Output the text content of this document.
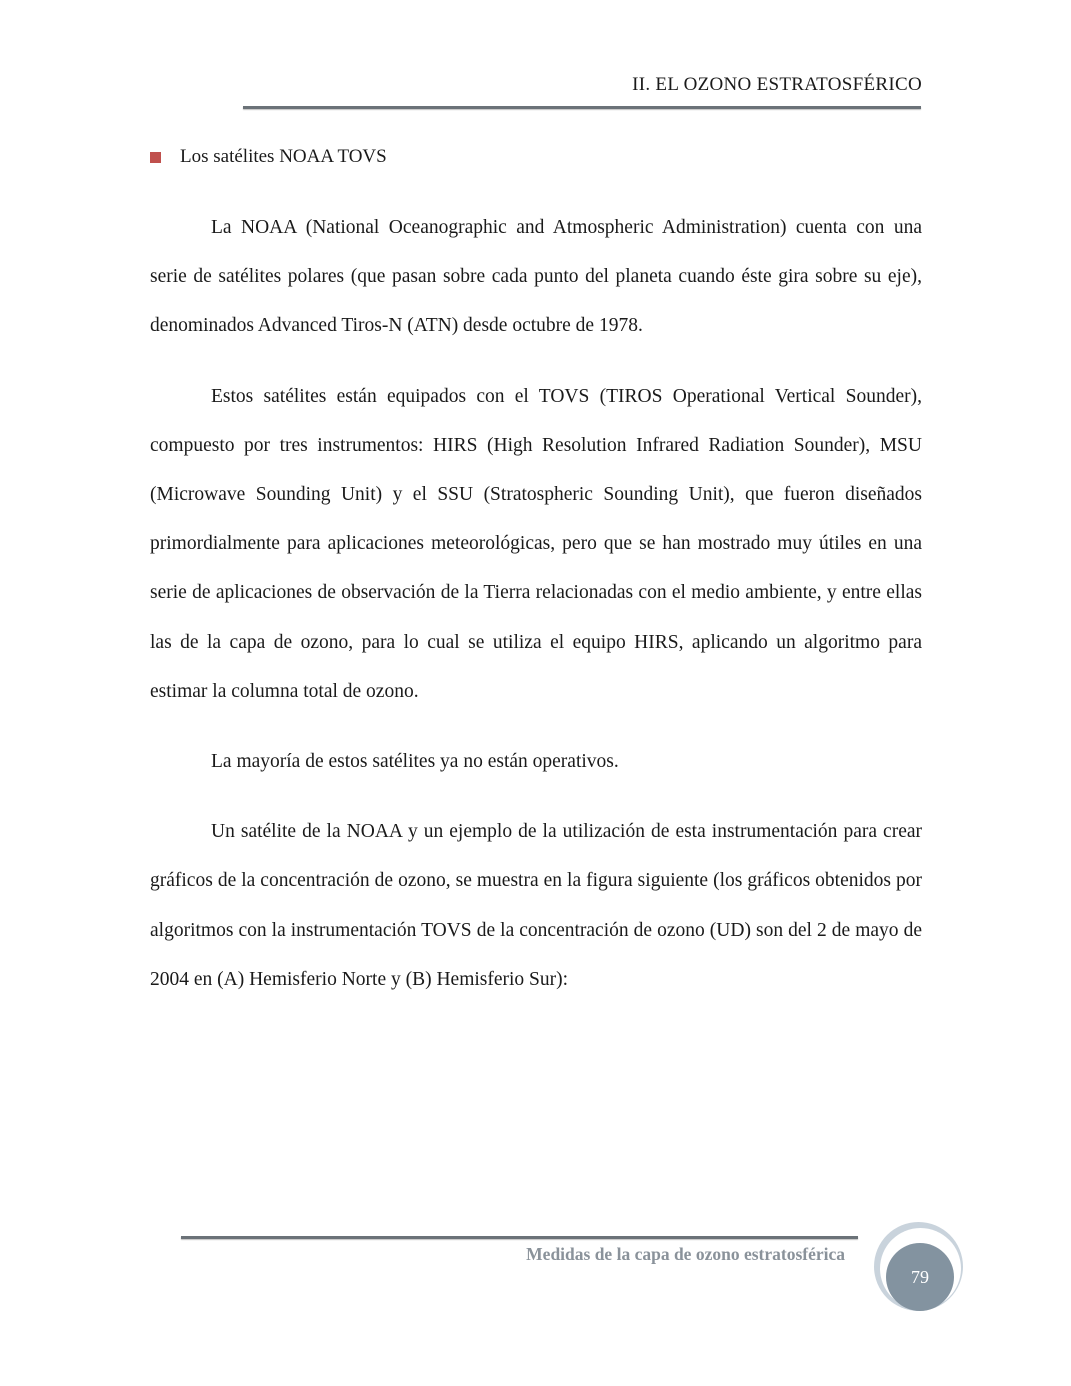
II. EL OZONO ESTRATOSFÉRICO
Los satélites NOAA TOVS

La NOAA (National Oceanographic and Atmospheric Administration) cuenta con una serie de satélites polares (que pasan sobre cada punto del planeta cuando éste gira sobre su eje), denominados Advanced Tiros-N (ATN) desde octubre de 1978.

Estos satélites están equipados con el TOVS (TIROS Operational Vertical Sounder), compuesto por tres instrumentos: HIRS (High Resolution Infrared Radiation Sounder), MSU (Microwave Sounding Unit) y el SSU (Stratospheric Sounding Unit), que fueron diseñados primordialmente para aplicaciones meteorológicas, pero que se han mostrado muy útiles en una serie de aplicaciones de observación de la Tierra relacionadas con el medio ambiente, y entre ellas las de la capa de ozono, para lo cual se utiliza el equipo HIRS, aplicando un algoritmo para estimar la columna total de ozono.

La mayoría de estos satélites ya no están operativos.

Un satélite de la NOAA y un ejemplo de la utilización de esta instrumentación para crear gráficos de la concentración de ozono, se muestra en la figura siguiente (los gráficos obtenidos por algoritmos con la instrumentación TOVS de la concentración de ozono (UD) son del 2 de mayo de 2004 en (A) Hemisferio Norte y (B) Hemisferio Sur):

Medidas de la capa de ozono estratosférica
79
